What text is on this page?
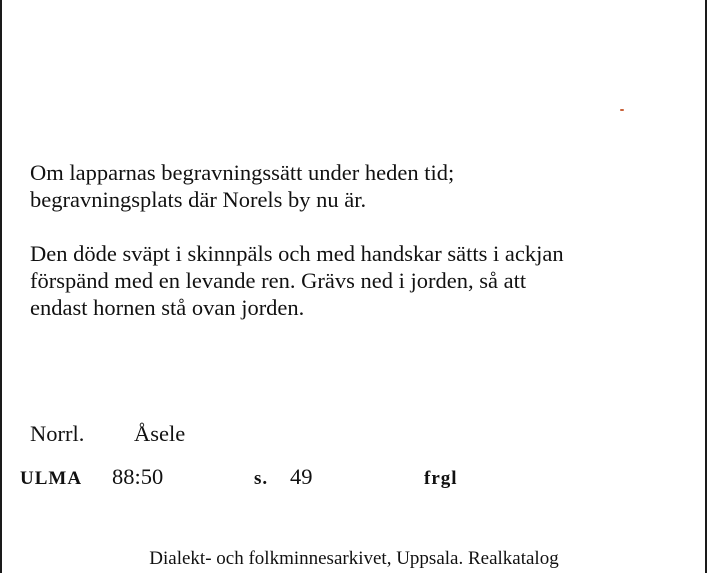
Om lapparnas begravningssätt under heden tid;
begravningsplats där Norels by nu är.

Den döde sväpt i skinnpäls och med handskar sätts i ackjan
förspänd med en levande ren. Grävs ned i jorden, så att
endast hornen stå ovan jorden.

Norrl. Åsele
ULMA 88:50	s. 49	frgl
Dialekt- och folkminnesarkivet, Uppsala. Realkatalog
